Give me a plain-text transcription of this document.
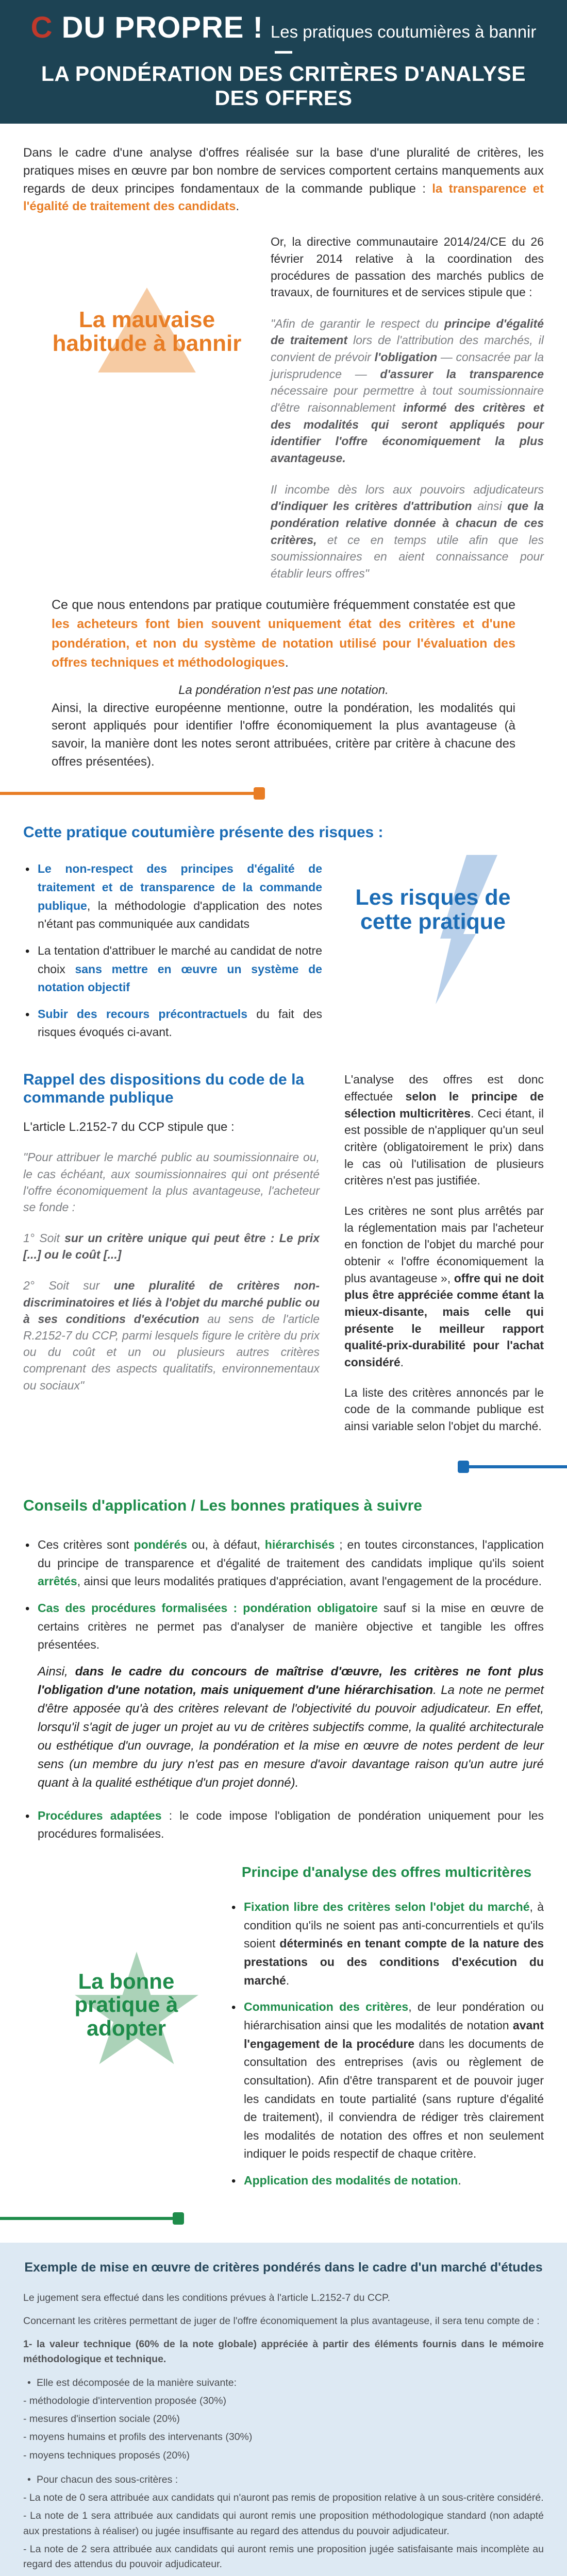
C DU PROPRE ! Les pratiques coutumières à bannir
LA PONDÉRATION DES CRITÈRES D'ANALYSE DES OFFRES

Dans le cadre d'une analyse d'offres réalisée sur la base d'une pluralité de critères, les pratiques mises en œuvre par bon nombre de services comportent certains manquements aux regards de deux principes fondamentaux de la commande publique : la transparence et l'égalité de traitement des candidats.

La mauvaise
habitude à bannir

Or, la directive communautaire 2014/24/CE du 26 février 2014 relative à la coordination des procédures de passation des marchés publics de travaux, de fournitures et de services stipule que :

"Afin de garantir le respect du principe d'égalité de traitement lors de l'attribution des marchés, il convient de prévoir l'obligation — consacrée par la jurisprudence — d'assurer la transparence nécessaire pour permettre à tout soumissionnaire d'être raisonnablement informé des critères et des modalités qui seront appliqués pour identifier l'offre économiquement la plus avantageuse.

Il incombe dès lors aux pouvoirs adjudicateurs d'indiquer les critères d'attribution ainsi que la pondération relative donnée à chacun de ces critères, et ce en temps utile afin que les soumissionnaires en aient connaissance pour établir leurs offres"

Ce que nous entendons par pratique coutumière fréquemment constatée est que les acheteurs font bien souvent uniquement état des critères et d'une pondération, et non du système de notation utilisé pour l'évaluation des offres techniques et méthodologiques.

La pondération n'est pas une notation.

Ainsi, la directive européenne mentionne, outre la pondération, les modalités qui seront appliqués pour identifier l'offre économiquement la plus avantageuse (à savoir, la manière dont les notes seront attribuées, critère par critère à chacune des offres présentées).

Cette pratique coutumière présente des risques :
• Le non-respect des principes d'égalité de traitement et de transparence de la commande publique, la méthodologie d'application des notes n'étant pas communiquée aux candidats
• La tentation d'attribuer le marché au candidat de notre choix sans mettre en œuvre un système de notation objectif
• Subir des recours précontractuels du fait des risques évoqués ci-avant.
Les risques de
cette pratique
Rappel des dispositions du code de la commande publique

L'article L.2152-7 du CCP stipule que :

"Pour attribuer le marché public au soumissionnaire ou, le cas échéant, aux soumissionnaires qui ont présenté l'offre économiquement la plus avantageuse, l'acheteur se fonde :

1° Soit sur un critère unique qui peut être : Le prix [...] ou le coût [...]

2° Soit sur une pluralité de critères non-discriminatoires et liés à l'objet du marché public ou à ses conditions d'exécution au sens de l'article R.2152-7 du CCP, parmi lesquels figure le critère du prix ou du coût et un ou plusieurs autres critères comprenant des aspects qualitatifs, environnementaux ou sociaux"

L'analyse des offres est donc effectuée selon le principe de sélection multicritères. Ceci étant, il est possible de n'appliquer qu'un seul critère (obligatoirement le prix) dans le cas où l'utilisation de plusieurs critères n'est pas justifiée.

Les critères ne sont plus arrêtés par la réglementation mais par l'acheteur en fonction de l'objet du marché pour obtenir « l'offre économiquement la plus avantageuse », offre qui ne doit plus être appréciée comme étant la mieux-disante, mais celle qui présente le meilleur rapport qualité-prix-durabilité pour l'achat considéré.

La liste des critères annoncés par le code de la commande publique est ainsi variable selon l'objet du marché.

Conseils d'application / Les bonnes pratiques à suivre
• Ces critères sont pondérés ou, à défaut, hiérarchisés ; en toutes circonstances, l'application du principe de transparence et d'égalité de traitement des candidats implique qu'ils soient arrêtés, ainsi que leurs modalités pratiques d'appréciation, avant l'engagement de la procédure.
• Cas des procédures formalisées : pondération obligatoire sauf si la mise en œuvre de certains critères ne permet pas d'analyser de manière objective et tangible les offres présentées.

Ainsi, dans le cadre du concours de maîtrise d'œuvre, les critères ne font plus l'obligation d'une notation, mais uniquement d'une hiérarchisation. La note ne permet d'être apposée qu'à des critères relevant de l'objectivité du pouvoir adjudicateur. En effet, lorsqu'il s'agit de juger un projet au vu de critères subjectifs comme, la qualité architecturale ou esthétique d'un ouvrage, la pondération et la mise en œuvre de notes perdent de leur sens (un membre du jury n'est pas en mesure d'avoir davantage raison qu'un autre juré quant à la qualité esthétique d'un projet donné).

• Procédures adaptées : le code impose l'obligation de pondération uniquement pour les procédures formalisées.
La bonne
pratique à
adopter
Principe d'analyse des offres multicritères
• Fixation libre des critères selon l'objet du marché, à condition qu'ils ne soient pas anti-concurrentiels et qu'ils soient déterminés en tenant compte de la nature des prestations ou des conditions d'exécution du marché.
• Communication des critères, de leur pondération ou hiérarchisation ainsi que les modalités de notation avant l'engagement de la procédure dans les documents de consultation des entreprises (avis ou règlement de consultation). Afin d'être transparent et de pouvoir juger les candidats en toute partialité (sans rupture d'égalité de traitement), il conviendra de rédiger très clairement les modalités de notation des offres et non seulement indiquer le poids respectif de chaque critère.
• Application des modalités de notation.
Exemple de mise en œuvre de critères pondérés dans le cadre d'un marché d'études

Le jugement sera effectué dans les conditions prévues à l'article L.2152-7 du CCP.

Concernant les critères permettant de juger de l'offre économiquement la plus avantageuse, il sera tenu compte de :

1- la valeur technique (60% de la note globale) appréciée à partir des éléments fournis dans le mémoire méthodologique et technique.

• Elle est décomposée de la manière suivante:

- méthodologie d'intervention proposée (30%)

- mesures d'insertion sociale (20%)

- moyens humains et profils des intervenants (30%)

- moyens techniques proposés (20%)

• Pour chacun des sous-critères :

- La note de 0 sera attribuée aux candidats qui n'auront pas remis de proposition relative à un sous-critère considéré.

- La note de 1 sera attribuée aux candidats qui auront remis une proposition méthodologique standard (non adapté aux prestations à réaliser) ou jugée insuffisante au regard des attendus du pouvoir adjudicateur.

- La note de 2 sera attribuée aux candidats qui auront remis une proposition jugée satisfaisante mais incomplète au regard des attendus du pouvoir adjudicateur.
